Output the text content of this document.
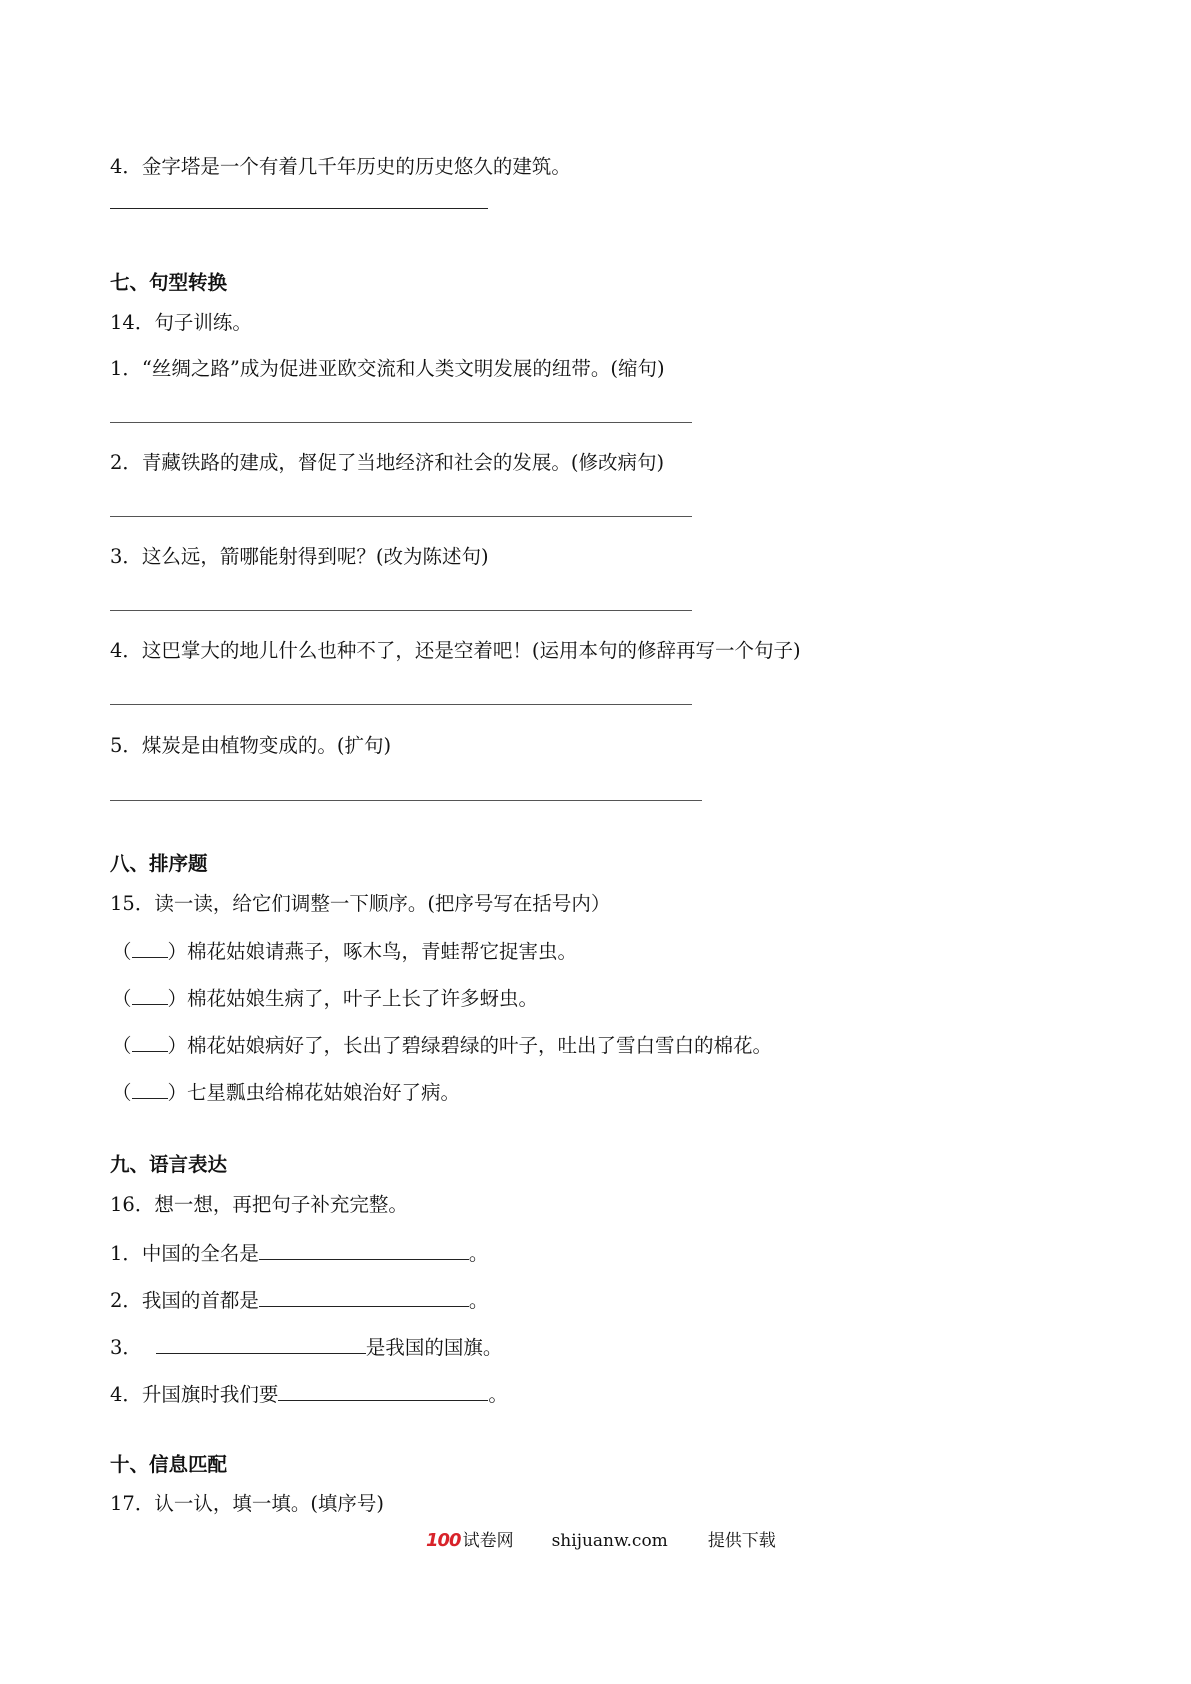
4．金字塔是一个有着几千年历史的历史悠久的建筑。
七、句型转换
14．句子训练。
1．“丝绸之路”成为促进亚欧交流和人类文明发展的纽带。(缩句)
2．青藏铁路的建成，督促了当地经济和社会的发展。(修改病句)
3．这么远，箭哪能射得到呢？(改为陈述句)
4．这巴掌大的地儿什么也种不了，还是空着吧！(运用本句的修辞再写一个句子)
5．煤炭是由植物变成的。(扩句)
八、排序题
15．读一读，给它们调整一下顺序。(把序号写在括号内）
（ ）棉花姑娘请燕子，啄木鸟，青蛙帮它捉害虫。
（ ）棉花姑娘生病了，叶子上长了许多蚜虫。
（ ）棉花姑娘病好了，长出了碧绿碧绿的叶子，吐出了雪白雪白的棉花。
（ ）七星瓢虫给棉花姑娘治好了病。
九、语言表达
16．想一想，再把句子补充完整。
1．中国的全名是	。
2．我国的首都是	。
3．	是我国的国旗。
4．升国旗时我们要	。
十、信息匹配
17．认一认，填一填。(填序号)
100 试卷网 shijuanw.com 提供下载
